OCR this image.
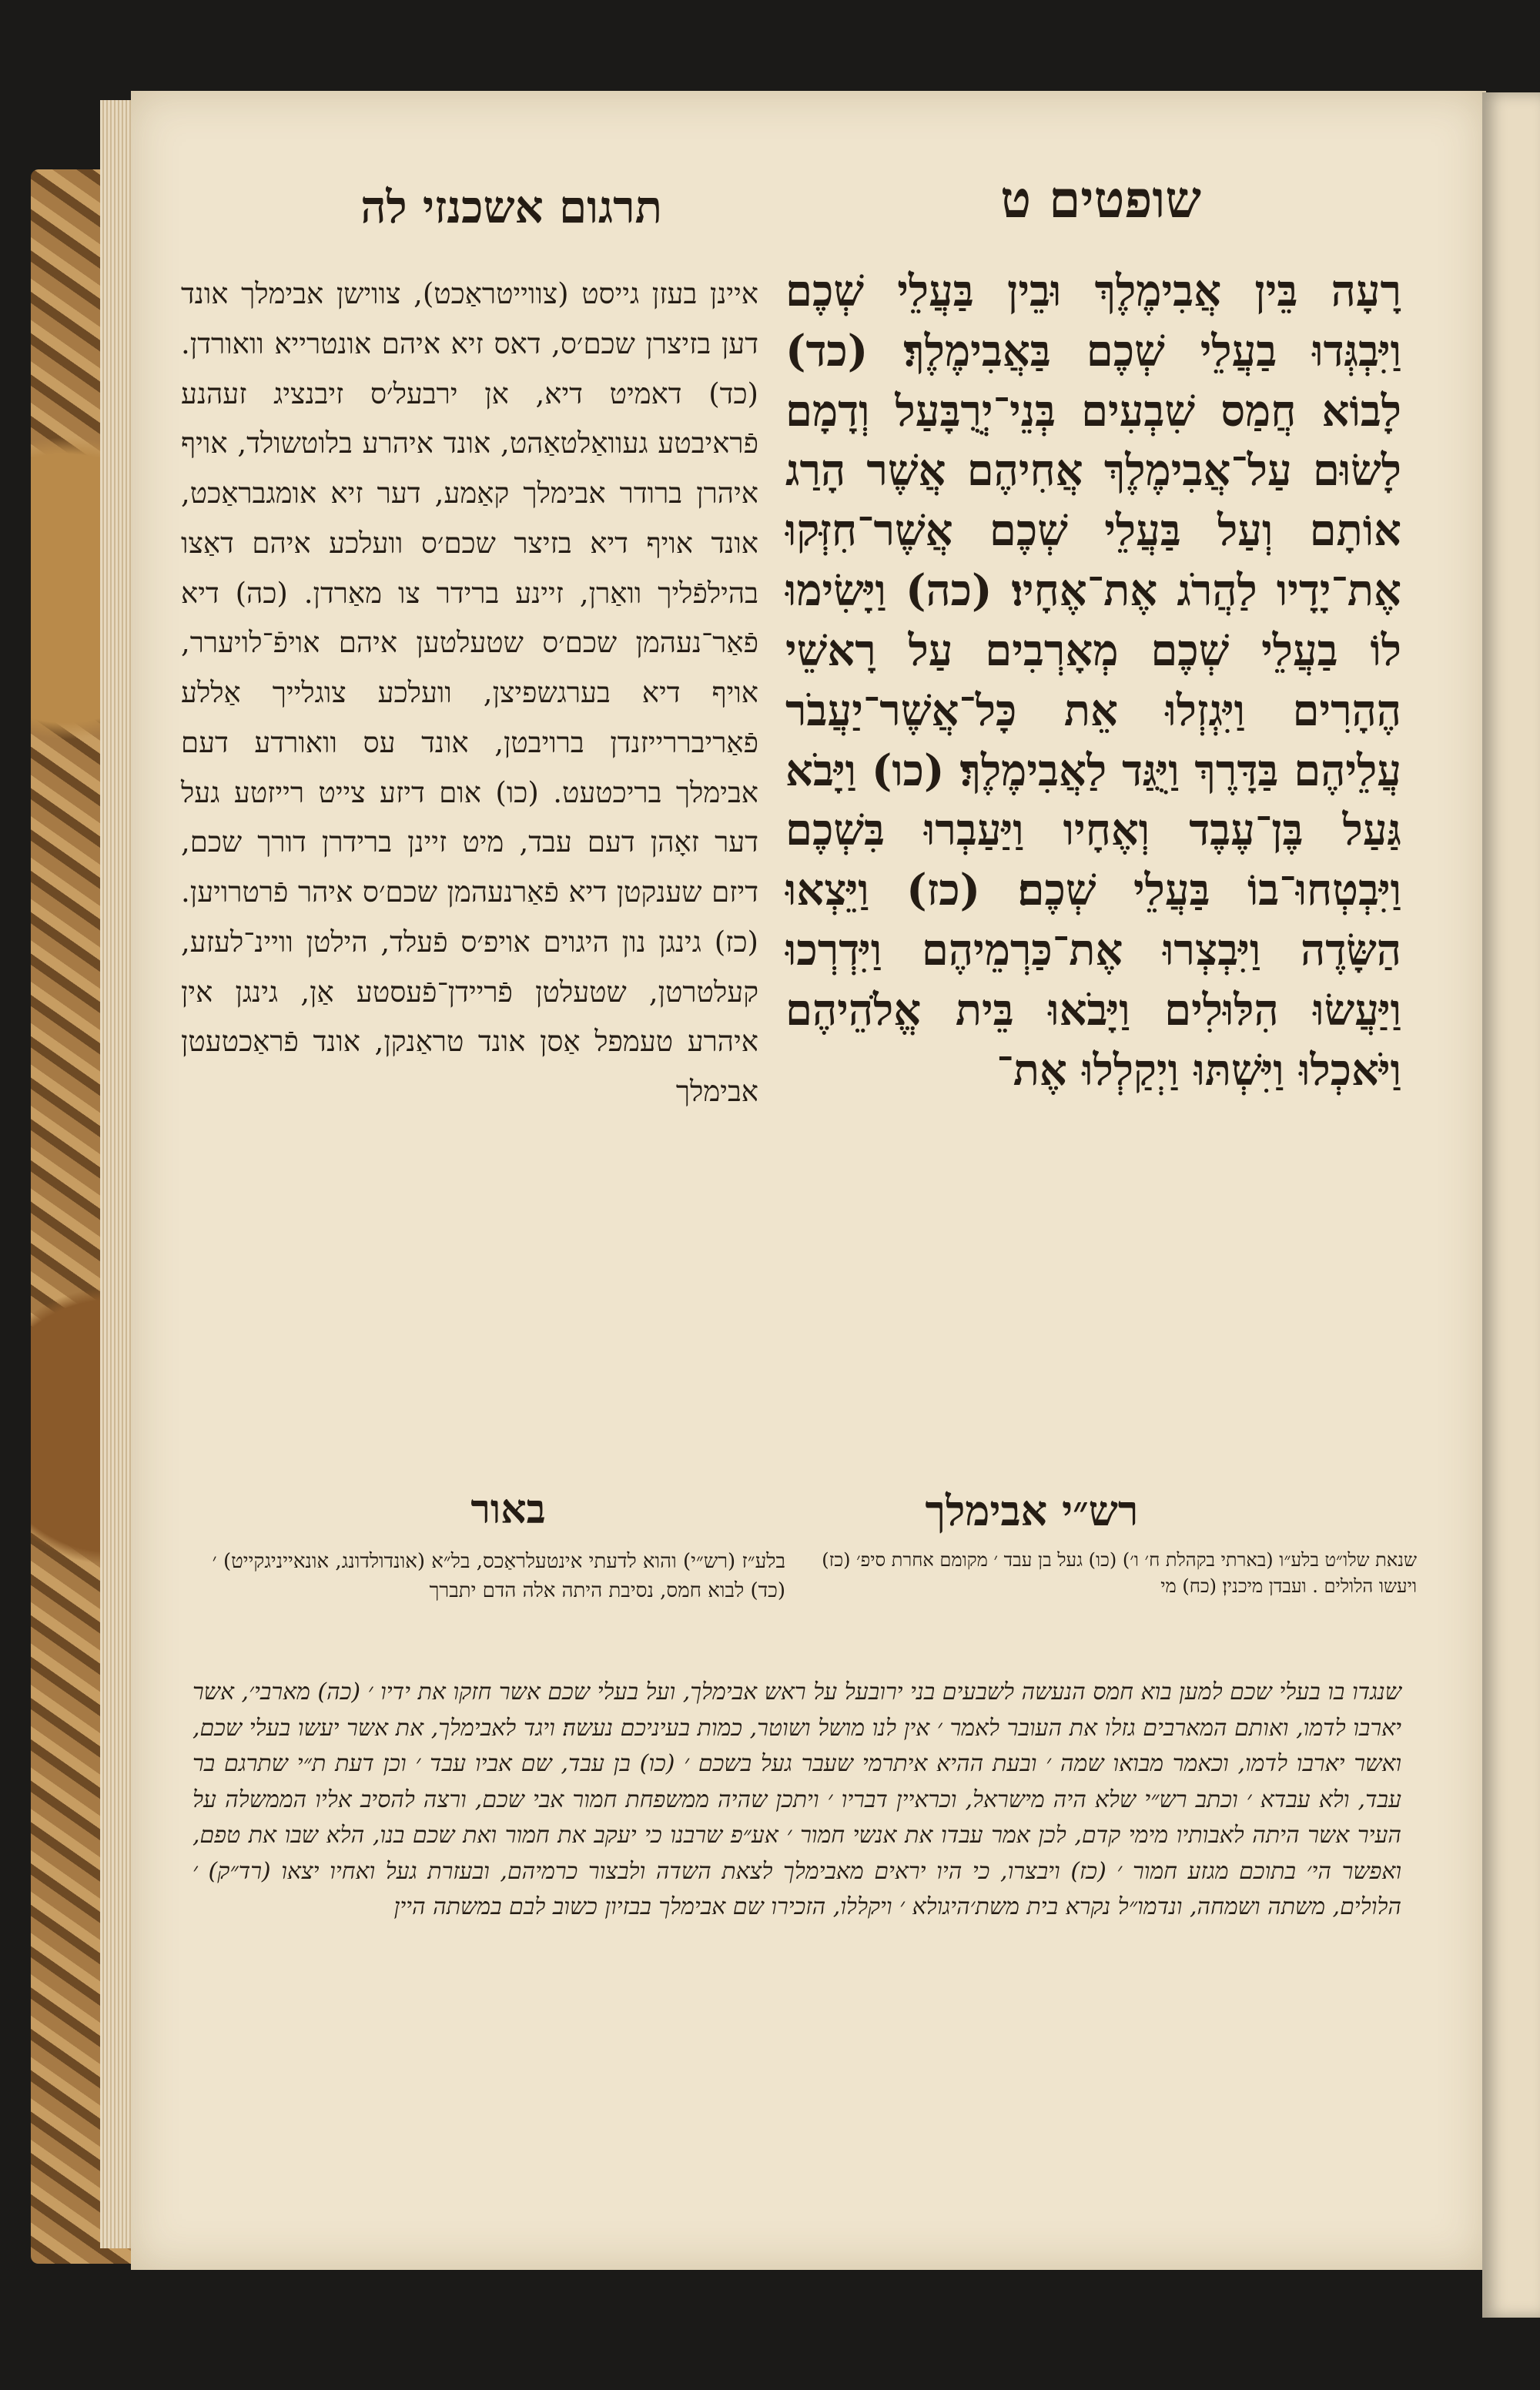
שופטים ט
תרגום אשכנזי לה

רָעָה בֵּין אֲבִימֶלֶךְ וּבֵין בַּעֲלֵי שְׁכֶם וַיִּבְגְּדוּ בַעֲלֵי שְׁכֶם בַּאֲבִימֶלֶךְ׃ (כד) לָבוֹא חֲמַס שִׁבְעִים בְּנֵי־יְרֻבָּעַל וְדָמָם לָשׂוּם עַל־אֲבִימֶלֶךְ אֲחִיהֶם אֲשֶׁר הָרַג אוֹתָם וְעַל בַּעֲלֵי שְׁכֶם אֲשֶׁר־חִזְּקוּ אֶת־יָדָיו לַהֲרֹג אֶת־אֶחָיו׃ (כה) וַיָּשִׂימוּ לוֹ בַעֲלֵי שְׁכֶם מְאָרְבִים עַל רָאשֵׁי הֶהָרִים וַיִּגְזְלוּ אֵת כָּל־אֲשֶׁר־יַעֲבֹר עֲלֵיהֶם בַּדָּרֶךְ וַיֻּגַּד לַאֲבִימֶלֶךְ׃ (כו) וַיָּבֹא גַּעַל בֶּן־עֶבֶד וְאֶחָיו וַיַּעַבְרוּ בִּשְׁכֶם וַיִּבְטְחוּ־בוֹ בַּעֲלֵי שְׁכֶם׃ (כז) וַיֵּצְאוּ הַשָּׂדֶה וַיִּבְצְרוּ אֶת־כַּרְמֵיהֶם וַיִּדְרְכוּ וַיַּעֲשׂוּ הִלּוּלִים וַיָּבֹאוּ בֵּית אֱלֹהֵיהֶם וַיֹּאכְלוּ וַיִּשְׁתּוּ וַיְקַלְלוּ אֶת־

איינן בעזן גייסט (צווייטראַכט), צווישן אבימלך אונד דען בזיצרן שכם׳ס, דאס זיא איהם אונטרייא וואורדן. (כד) דאמיט דיא, אן ירבעל׳ס זיבנציג זעהנע פֿראיבטע געוואַלטאַהט, אונד איהרע בלוטשולד, אויף איהרן ברודר אבימלך קאַמע, דער זיא אומגבראַכט, אונד אויף דיא בזיצר שכם׳ס וועלכע איהם דאַצו בהילפֿליך וואַרן, זיינע ברידר צו מאַרדן. (כה) דיא פֿאַר־נעהמן שכם׳ס שטעלטען איהם אויפֿ־לויערר, אויף דיא בערגשפיצן, וועלכע צוגלייך אַללע פֿאַריבררייזנדן ברויבטן, אונד עס וואורדע דעם אבימלך בריכטעט. (כו) אום דיזע צייט רייזטע געל דער זאָהן דעם עבד, מיט זיינן ברידרן דורך שכם, דיזם שענקטן דיא פֿאַרנעהמן שכם׳ס איהר פֿרטרויען. (כז) גינגן נון היגוים אויפ׳ס פֿעלד, הילטן וויינ־לעזע, קעלטרטן, שטעלטן פֿריידן־פֿעסטע אַן, גינגן אין איהרע טעמפל אַסן אונד טראַנקן, אונד פֿראַכטעטן אבימלך

באור	רש״י אבימלך

שנאת שלו״ט בלע״ו (בארתי בקהלת ח׳ ו׳) (כו) געל בן עבד ׳ מקומם אחרת סיפ׳ (כז) ויעשו הלולים . ועבדן מיכנין׃ (כח) מי

בלע״ז (רש״י) והוא לדעתי אינטעלראַכס, בל״א (אונדולדונג, אונאייניגקייט) ׳ (כד) לבוא חמס, נסיבת היתה אלה הדם יתברך

שנגדו בו בעלי שכם למען בוא חמס הנעשה לשבעים בני ירובעל על ראש אבימלך, ועל בעלי שכם אשר חזקו את ידיו ׳ (כה) מארבי׳, אשר יארבו לדמו, ואותם המארבים גזלו את העובר לאמר ׳ אין לנו מושל ושוטר, כמות בעיניכם נעשה׃ ויגד לאבימלך, את אשר יעשו בעלי שכם, ואשר יארבו לדמו, וכאמר מבואו שמה ׳ ובעת ההיא איתרמי שעבר געל בשכם ׳ (כו) בן עבד, שם אביו עבד ׳ וכן דעת ת״י שתרגם בר עבד, ולא עבדא ׳ וכתב רש״י שלא היה מישראל, וכראיין דבריו ׳ ויתכן שהיה ממשפחת חמור אבי שכם, ורצה להסיב אליו הממשלה על העיר אשר היתה לאבותיו מימי קדם, לכן אמר עבדו את אנשי חמור ׳ אע״פ שרבנו כי יעקב את חמור ואת שכם בנו, הלא שבו את טפם, ואפשר הי׳ בתוכם מגזע חמור ׳ (כז) ויבצרו, כי היו יראים מאבימלך לצאת השדה ולבצור כרמיהם, ובעזרת געל ואחיו יצאו (רד״ק) ׳ הלולים, משתה ושמחה, ונדמו״ל נקרא בית משת׳היגולא ׳ ויקללו, הזכירו שם אבימלך בבזיון כשוב לבם במשתה היין
